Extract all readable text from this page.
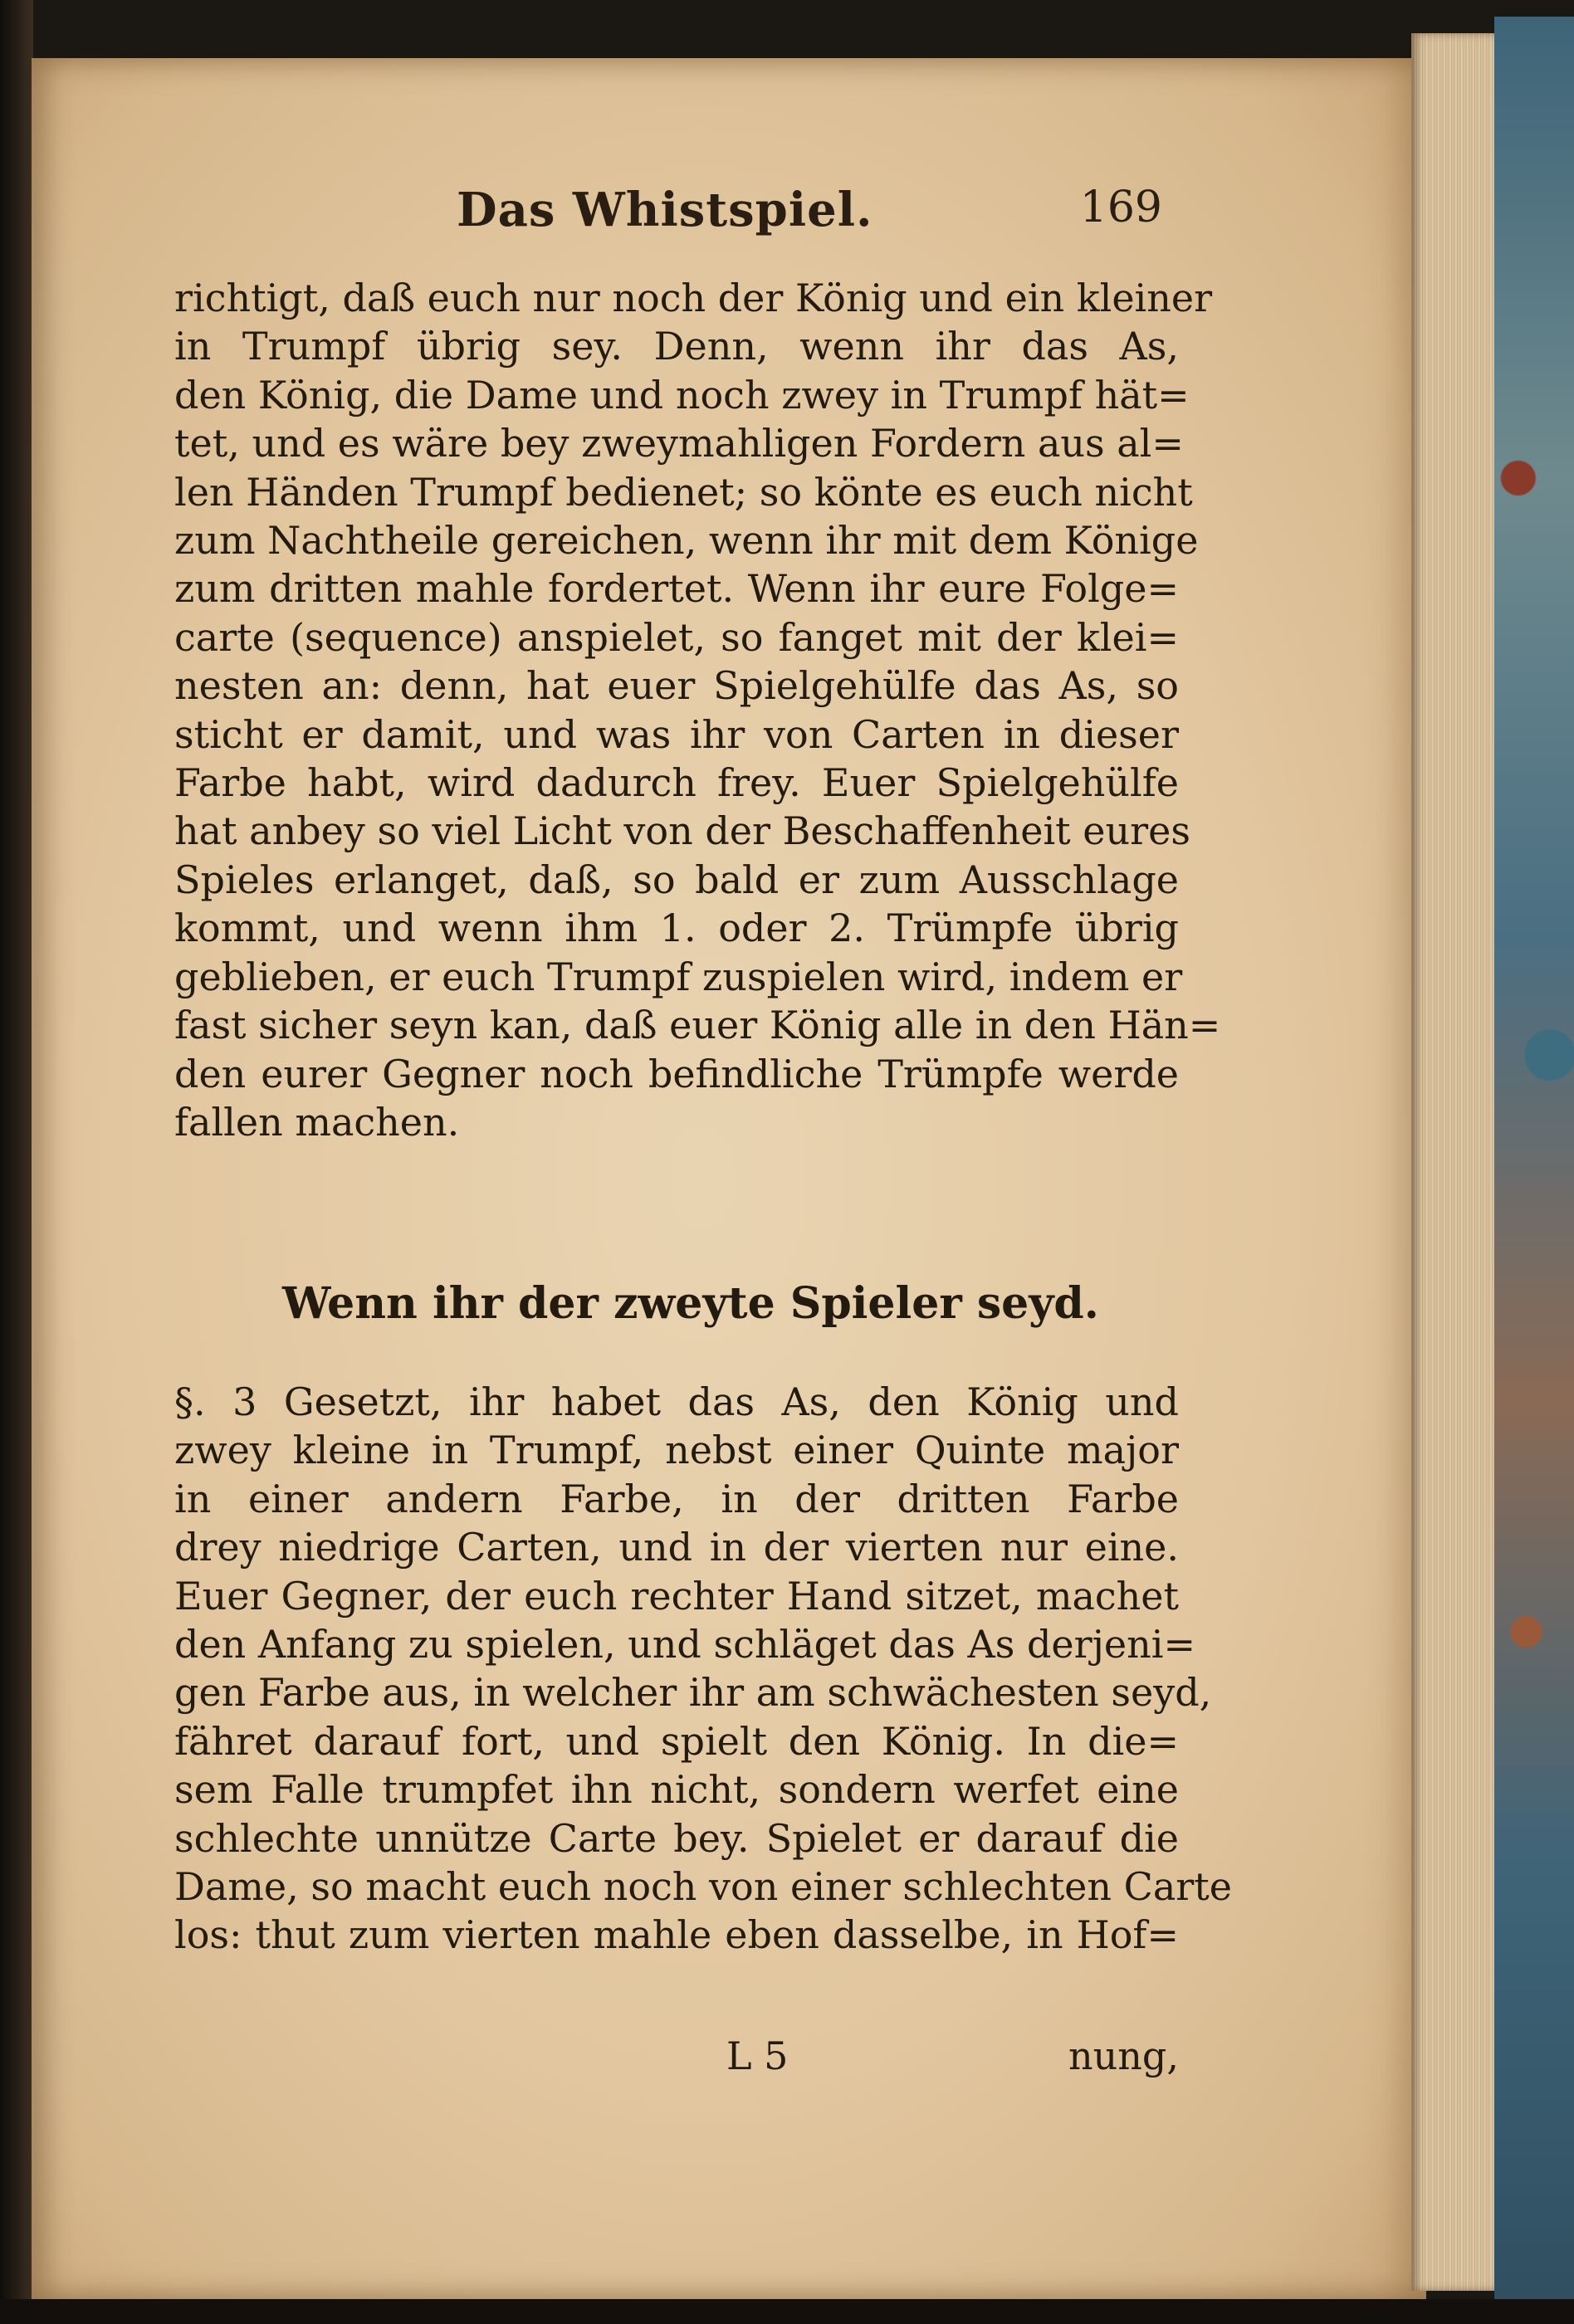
Das Whistspiel.	169
richtigt, daß euch nur noch der König und ein kleiner
in Trumpf übrig sey. Denn, wenn ihr das As,
den König, die Dame und noch zwey in Trumpf hät=
tet, und es wäre bey zweymahligen Fordern aus al=
len Händen Trumpf bedienet; so könte es euch nicht
zum Nachtheile gereichen, wenn ihr mit dem Könige
zum dritten mahle fordertet. Wenn ihr eure Folge=
carte (sequence) anspielet, so fanget mit der klei=
nesten an: denn, hat euer Spielgehülfe das As, so
sticht er damit, und was ihr von Carten in dieser
Farbe habt, wird dadurch frey. Euer Spielgehülfe
hat anbey so viel Licht von der Beschaffenheit eures
Spieles erlanget, daß, so bald er zum Ausschlage
kommt, und wenn ihm 1. oder 2. Trümpfe übrig
geblieben, er euch Trumpf zuspielen wird, indem er
fast sicher seyn kan, daß euer König alle in den Hän=
den eurer Gegner noch befindliche Trümpfe werde
fallen machen.
Wenn ihr der zweyte Spieler seyd.
§. 3 Gesetzt, ihr habet das As, den König und
zwey kleine in Trumpf, nebst einer Quinte major
in einer andern Farbe, in der dritten Farbe
drey niedrige Carten, und in der vierten nur eine.
Euer Gegner, der euch rechter Hand sitzet, machet
den Anfang zu spielen, und schläget das As derjeni=
gen Farbe aus, in welcher ihr am schwächesten seyd,
fähret darauf fort, und spielt den König. In die=
sem Falle trumpfet ihn nicht, sondern werfet eine
schlechte unnütze Carte bey. Spielet er darauf die
Dame, so macht euch noch von einer schlechten Carte
los: thut zum vierten mahle eben dasselbe, in Hof=
L 5	nung,
